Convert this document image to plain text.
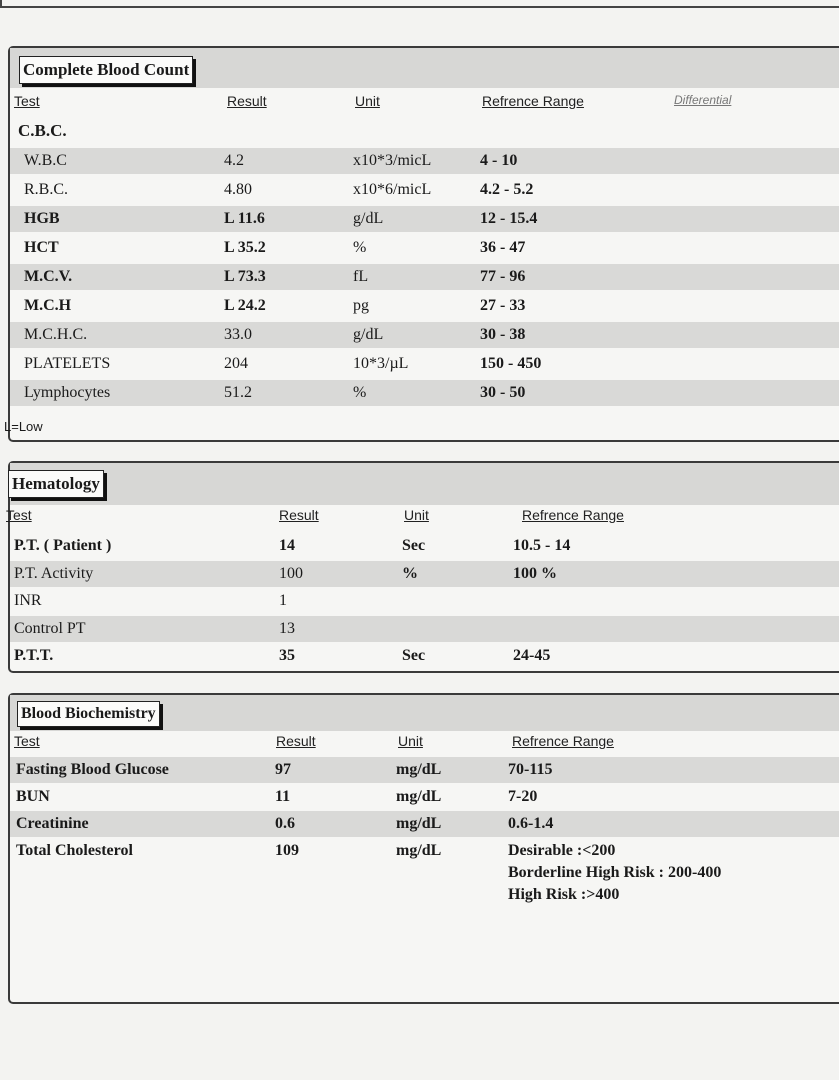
Complete Blood Count
Test	Result	Unit	Refrence Range	Differential
C.B.C.
W.B.C	4.2	x10*3/micL	4 - 10
R.B.C.	4.80	x10*6/micL	4.2 - 5.2
HGB	L 11.6	g/dL	12 - 15.4
HCT	L 35.2	%	36 - 47
M.C.V.	L 73.3	fL	77 - 96
M.C.H	L 24.2	pg	27 - 33
M.C.H.C.	33.0	g/dL	30 - 38
PLATELETS	204	10*3/µL	150 - 450
Lymphocytes	51.2	%	30 - 50
L=Low
Hematology
Test	Result	Unit	Refrence Range
P.T. ( Patient )	14	Sec	10.5 - 14
P.T. Activity	100	%	100 %
INR	1
Control PT	13
P.T.T.	35	Sec	24-45
Blood Biochemistry
Test	Result	Unit	Refrence Range
Fasting Blood Glucose	97	mg/dL	70-115
BUN	11	mg/dL	7-20
Creatinine	0.6	mg/dL	0.6-1.4
Total Cholesterol	109	mg/dL	Desirable :<200
Borderline High Risk : 200-400
High Risk :>400
